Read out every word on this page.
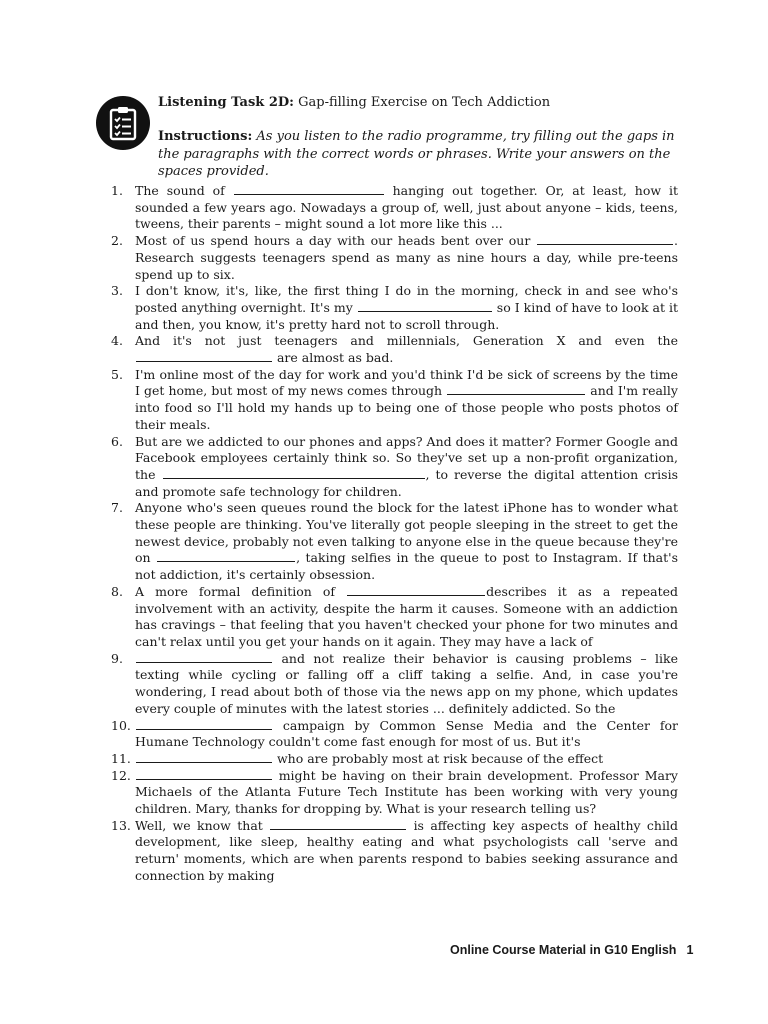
Listening Task 2D: Gap-filling Exercise on Tech Addiction
Instructions: As you listen to the radio programme, try filling out the gaps in the paragraphs with the correct words or phrases. Write your answers on the spaces provided.
1. The sound of	hanging out together. Or, at least, how it sounded a few years ago. Nowadays a group of, well, just about anyone – kids, teens, tweens, their parents – might sound a lot more like this ...
2. Most of us spend hours a day with our heads bent over our	. Research suggests teenagers spend as many as nine hours a day, while pre-teens spend up to six.
3. I don't know, it's, like, the first thing I do in the morning, check in and see who's posted anything overnight. It's my	so I kind of have to look at it and then, you know, it's pretty hard not to scroll through.
4. And it's not just teenagers and millennials, Generation X and even the  are almost as bad.
5. I'm online most of the day for work and you'd think I'd be sick of screens by the time I get home, but most of my news comes through	and I'm really into food so I'll hold my hands up to being one of those people who posts photos of their meals.
6. But are we addicted to our phones and apps? And does it matter? Former Google and Facebook employees certainly think so. So they've set up a non-profit organization, the	, to reverse the digital attention crisis and promote safe technology for children.
7. Anyone who's seen queues round the block for the latest iPhone has to wonder what these people are thinking. You've literally got people sleeping in the street to get the newest device, probably not even talking to anyone else in the queue because they're on	, taking selfies in the queue to post to Instagram. If that's not addiction, it's certainly obsession.
8. A more formal definition of	describes it as a repeated involvement with an activity, despite the harm it causes. Someone with an addiction has cravings – that feeling that you haven't checked your phone for two minutes and can't relax until you get your hands on it again. They may have a lack of
9.	and not realize their behavior is causing problems – like texting while cycling or falling off a cliff taking a selfie. And, in case you're wondering, I read about both of those via the news app on my phone, which updates every couple of minutes with the latest stories ... definitely addicted. So the
10.	campaign by Common Sense Media and the Center for Humane Technology couldn't come fast enough for most of us. But it's
11.	who are probably most at risk because of the effect
12.	might be having on their brain development. Professor Mary Michaels of the Atlanta Future Tech Institute has been working with very young children. Mary, thanks for dropping by. What is your research telling us?
13. Well, we know that	is affecting key aspects of healthy child development, like sleep, healthy eating and what psychologists call 'serve and return' moments, which are when parents respond to babies seeking assurance and connection by making
Online Course Material in G10 English 1
